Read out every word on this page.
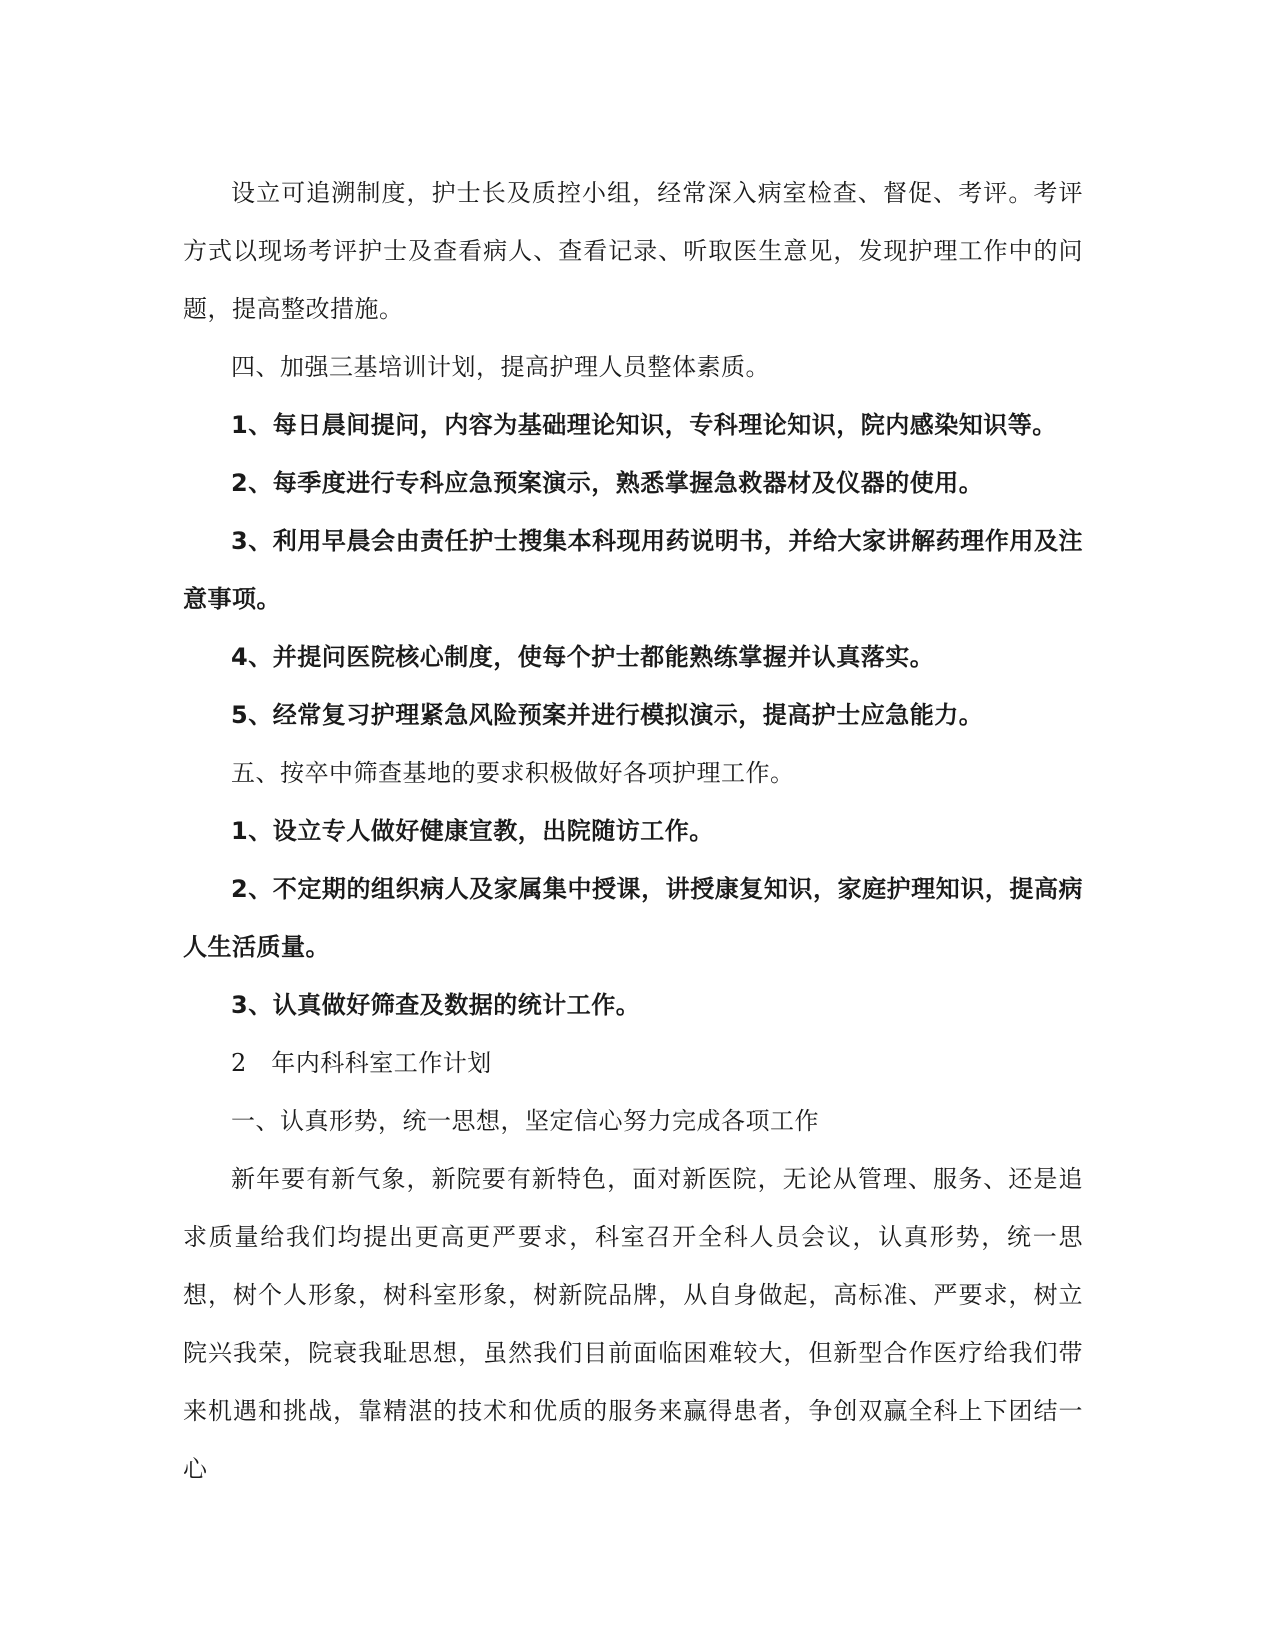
设立可追溯制度，护士长及质控小组，经常深入病室检查、督促、考评。考评方式以现场考评护士及查看病人、查看记录、听取医生意见，发现护理工作中的问题，提高整改措施。

四、加强三基培训计划，提高护理人员整体素质。

1、每日晨间提问，内容为基础理论知识，专科理论知识，院内感染知识等。

2、每季度进行专科应急预案演示，熟悉掌握急救器材及仪器的使用。

3、利用早晨会由责任护士搜集本科现用药说明书，并给大家讲解药理作用及注意事项。

4、并提问医院核心制度，使每个护士都能熟练掌握并认真落实。

5、经常复习护理紧急风险预案并进行模拟演示，提高护士应急能力。

五、按卒中筛查基地的要求积极做好各项护理工作。

1、设立专人做好健康宣教，出院随访工作。

2、不定期的组织病人及家属集中授课，讲授康复知识，家庭护理知识，提高病人生活质量。

3、认真做好筛查及数据的统计工作。

2　年内科科室工作计划

一、认真形势，统一思想，坚定信心努力完成各项工作

新年要有新气象，新院要有新特色，面对新医院，无论从管理、服务、还是追求质量给我们均提出更高更严要求，科室召开全科人员会议，认真形势，统一思想，树个人形象，树科室形象，树新院品牌，从自身做起，高标准、严要求，树立院兴我荣，院衰我耻思想，虽然我们目前面临困难较大，但新型合作医疗给我们带来机遇和挑战，靠精湛的技术和优质的服务来赢得患者，争创双赢全科上下团结一心
